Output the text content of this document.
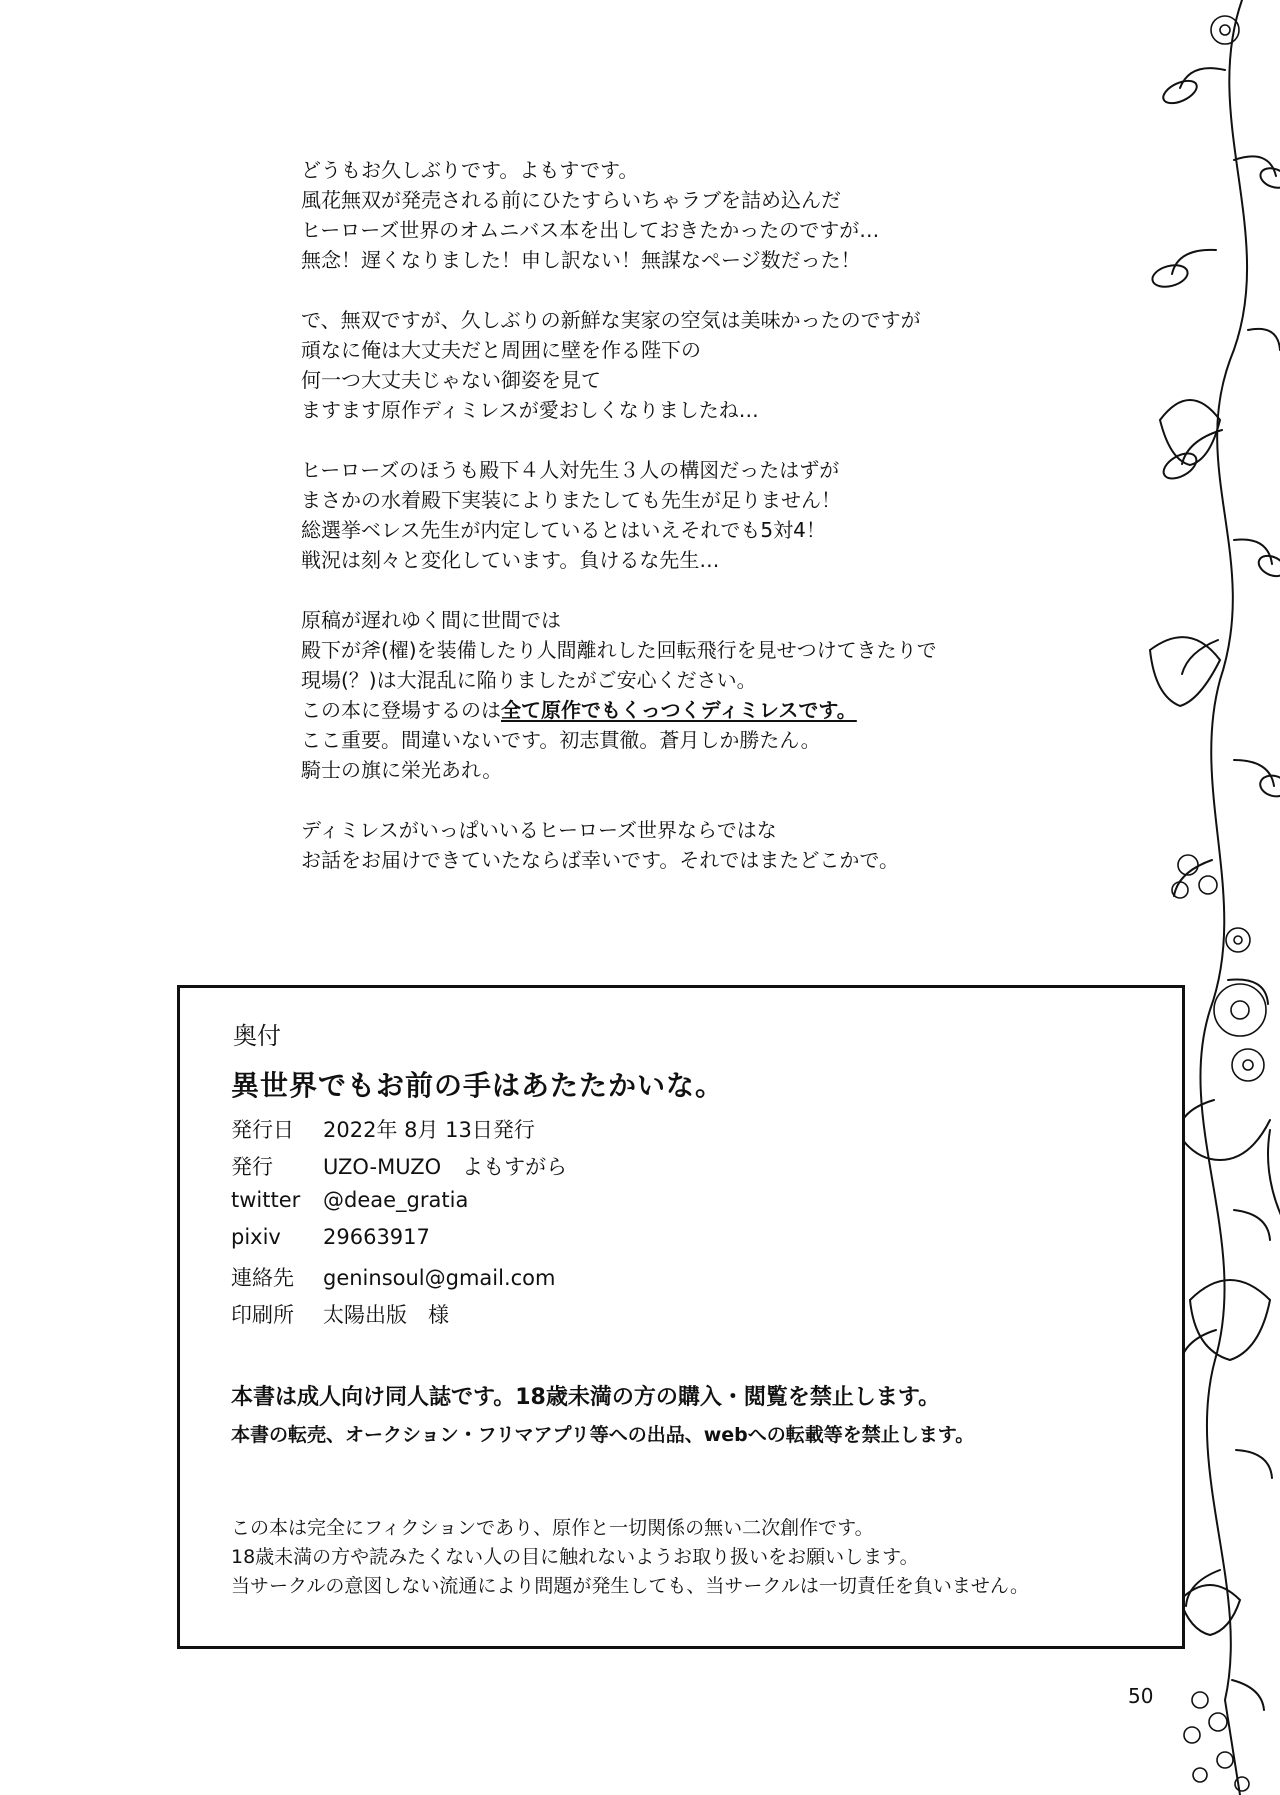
どうもお久しぶりです。よもすです。
風花無双が発売される前にひたすらいちゃラブを詰め込んだ
ヒーローズ世界のオムニバス本を出しておきたかったのですが…
無念！遅くなりました！申し訳ない！無謀なページ数だった！
で、無双ですが、久しぶりの新鮮な実家の空気は美味かったのですが
頑なに俺は大丈夫だと周囲に壁を作る陛下の
何一つ大丈夫じゃない御姿を見て
ますます原作ディミレスが愛おしくなりましたね…
ヒーローズのほうも殿下４人対先生３人の構図だったはずが
まさかの水着殿下実装によりまたしても先生が足りません！
総選挙ベレス先生が内定しているとはいえそれでも5対4！
戦況は刻々と変化しています。負けるな先生…
原稿が遅れゆく間に世間では
殿下が斧(櫂)を装備したり人間離れした回転飛行を見せつけてきたりで
現場(？)は大混乱に陥りましたがご安心ください。
この本に登場するのは全て原作でもくっつくディミレスです。
ここ重要。間違いないです。初志貫徹。蒼月しか勝たん。
騎士の旗に栄光あれ。
ディミレスがいっぱいいるヒーローズ世界ならではな
お話をお届けできていたならば幸いです。それではまたどこかで。
奥付
異世界でもお前の手はあたたかいな。
発行日 2022年 8月 13日発行
発行 UZO-MUZO　よもすがら
twitter @deae_gratia
pixiv29663917
連絡先 geninsoul@gmail.com
印刷所 太陽出版　様
本書は成人向け同人誌です。18歳未満の方の購入・閲覧を禁止します。
本書の転売、オークション・フリマアプリ等への出品、webへの転載等を禁止します。
この本は完全にフィクションであり、原作と一切関係の無い二次創作です。
18歳未満の方や読みたくない人の目に触れないようお取り扱いをお願いします。
当サークルの意図しない流通により問題が発生しても、当サークルは一切責任を負いません。
50
